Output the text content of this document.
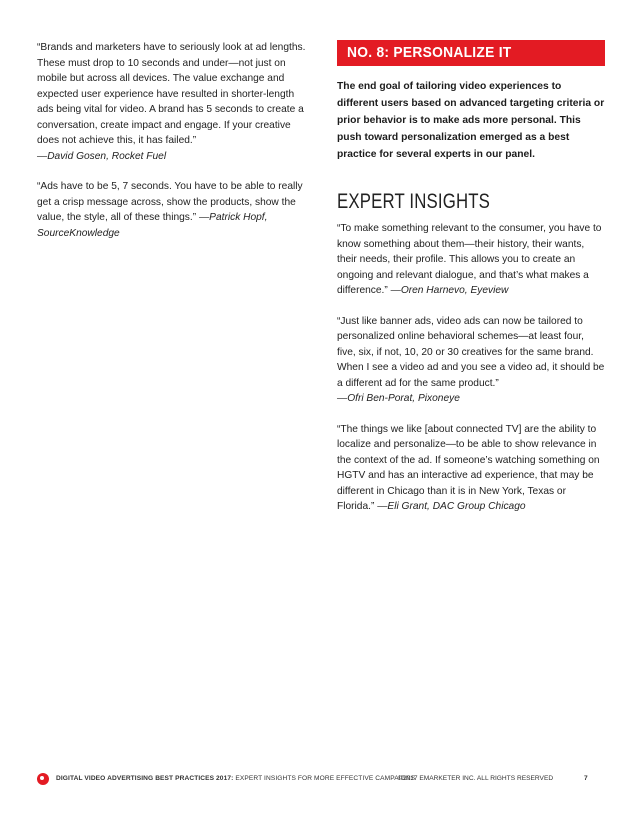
“Brands and marketers have to seriously look at ad lengths. These must drop to 10 seconds and under—not just on mobile but across all devices. The value exchange and expected user experience have resulted in shorter-length ads being vital for video. A brand has 5 seconds to create a conversation, create impact and engage. If your creative does not achieve this, it has failed.”
—David Gosen, Rocket Fuel

“Ads have to be 5, 7 seconds. You have to be able to really get a crisp message across, show the products, show the value, the style, all of these things.” —Patrick Hopf, SourceKnowledge

NO. 8: PERSONALIZE IT

The end goal of tailoring video experiences to different users based on advanced targeting criteria or prior behavior is to make ads more personal. This push toward personalization emerged as a best practice for several experts in our panel.

EXPERT INSIGHTS

“To make something relevant to the consumer, you have to know something about them—their history, their wants, their needs, their profile. This allows you to create an ongoing and relevant dialogue, and that’s what makes a difference.” —Oren Harnevo, Eyeview

“Just like banner ads, video ads can now be tailored to personalized online behavioral schemes—at least four, five, six, if not, 10, 20 or 30 creatives for the same brand. When I see a video ad and you see a video ad, it should be a different ad for the same product.”
—Ofri Ben-Porat, Pixoneye

“The things we like [about connected TV] are the ability to localize and personalize—to be able to show relevance in the context of the ad. If someone’s watching something on HGTV and has an interactive ad experience, that may be different in Chicago than it is in New York, Texas or Florida.” —Eli Grant, DAC Group Chicago

DIGITAL VIDEO ADVERTISING BEST PRACTICES 2017: EXPERT INSIGHTS FOR MORE EFFECTIVE CAMPAIGNS
©2017 EMARKETER INC. ALL RIGHTS RESERVED	7
